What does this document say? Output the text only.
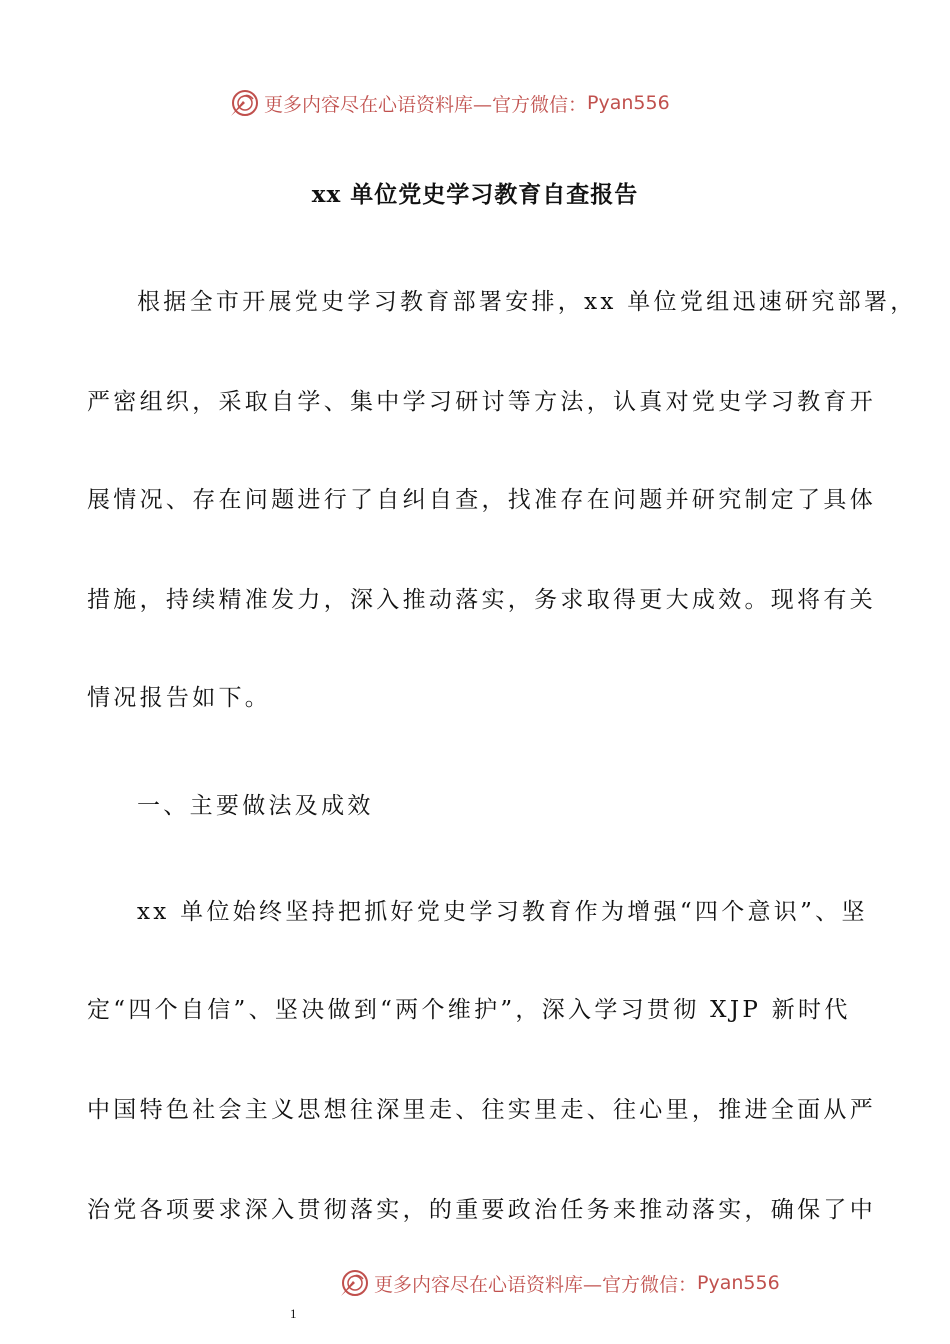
更多内容尽在心语资料库—官方微信： Pyan556
xx 单位党史学习教育自查报告
根据全市开展党史学习教育部署安排，xx 单位党组迅速研究部署，
严密组织，采取自学、集中学习研讨等方法，认真对党史学习教育开
展情况、存在问题进行了自纠自查，找准存在问题并研究制定了具体
措施，持续精准发力，深入推动落实，务求取得更大成效。现将有关
情况报告如下。
一、主要做法及成效
xx 单位始终坚持把抓好党史学习教育作为增强“四个意识”、坚
定“四个自信”、坚决做到“两个维护”，深入学习贯彻 XJP 新时代
中国特色社会主义思想往深里走、往实里走、往心里，推进全面从严
治党各项要求深入贯彻落实，的重要政治任务来推动落实，确保了中
更多内容尽在心语资料库—官方微信： Pyan556
1
